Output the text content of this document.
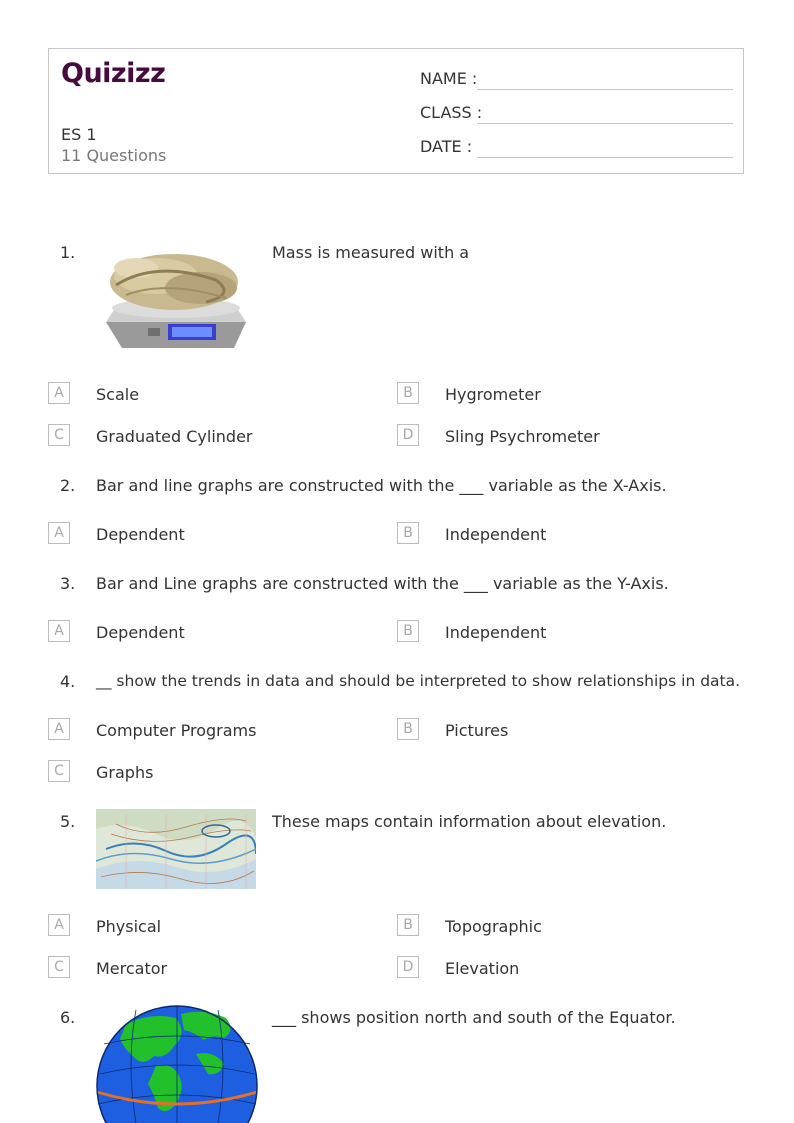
Quizizz
ES 1
11 Questions
NAME :
CLASS :
DATE :
1.	Mass is measured with a
A	Scale	B	Hygrometer
C	Graduated Cylinder	D	Sling Psychrometer
2. Bar and line graphs are constructed with the ___ variable as the X-Axis.
A	Dependent	B	Independent
3. Bar and Line graphs are constructed with the ___ variable as the Y-Axis.
A	Dependent	B	Independent
4. __ show the trends in data and should be interpreted to show relationships in data.
A	Computer Programs	B	Pictures
C	Graphs
5.	These maps contain information about elevation.
A	Physical	B	Topographic
C	Mercator	D	Elevation
6.	___ shows position north and south of the Equator.
